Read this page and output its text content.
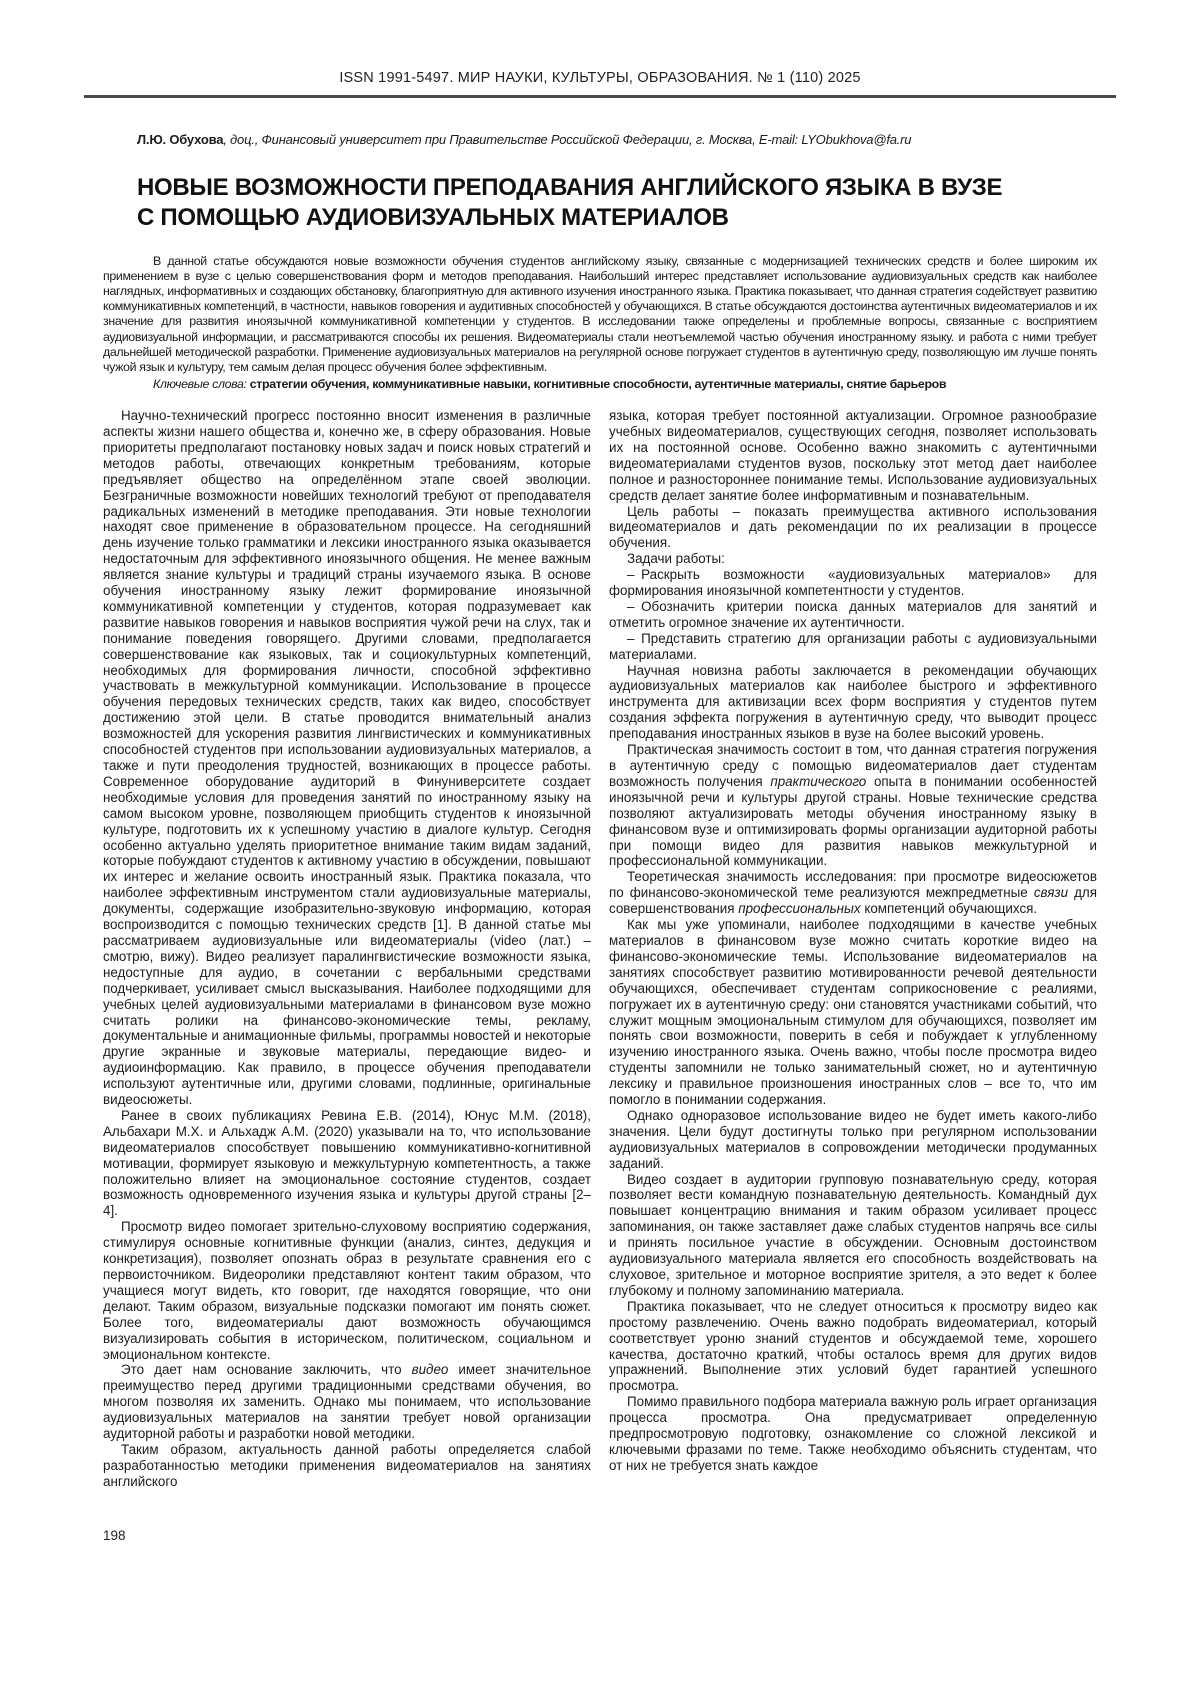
ISSN 1991-5497. МИР НАУКИ, КУЛЬТУРЫ, ОБРАЗОВАНИЯ. № 1 (110) 2025

Л.Ю. Обухова, доц., Финансовый университет при Правительстве Российской Федерации, г. Москва, E-mail: LYObukhova@fa.ru

НОВЫЕ ВОЗМОЖНОСТИ ПРЕПОДАВАНИЯ АНГЛИЙСКОГО ЯЗЫКА В ВУЗЕ
С ПОМОЩЬЮ АУДИОВИЗУАЛЬНЫХ МАТЕРИАЛОВ

В данной статье обсуждаются новые возможности обучения студентов английскому языку, связанные с модернизацией технических средств и более широким их применением в вузе с целью совершенствования форм и методов преподавания. Наибольший интерес представляет использование аудиовизуальных средств как наиболее наглядных, информативных и создающих обстановку, благоприятную для активного изучения иностранного языка. Практика показывает, что данная стратегия содействует развитию коммуникативных компетенций, в частности, навыков говорения и аудитивных способностей у обучающихся. В статье обсуждаются достоинства аутентичных видеоматериалов и их значение для развития иноязычной коммуникативной компетенции у студентов. В исследовании также определены и проблемные вопросы, связанные с восприятием аудиовизуальной информации, и рассматриваются способы их решения. Видеоматериалы стали неотъемлемой частью обучения иностранному языку. и работа с ними требует дальнейшей методической разработки. Применение аудиовизуальных материалов на регулярной основе погружает студентов в аутентичную среду, позволяющую им лучше понять чужой язык и культуру, тем самым делая процесс обучения более эффективным.

Ключевые слова: стратегии обучения, коммуникативные навыки, когнитивные способности, аутентичные материалы, снятие барьеров

Научно-технический прогресс постоянно вносит изменения в различные аспекты жизни нашего общества и, конечно же, в сферу образования. Новые приоритеты предполагают постановку новых задач и поиск новых стратегий и методов работы, отвечающих конкретным требованиям, которые предъявляет общество на определённом этапе своей эволюции. Безграничные возможности новейших технологий требуют от преподавателя радикальных изменений в методике преподавания. Эти новые технологии находят свое применение в образовательном процессе. На сегодняшний день изучение только грамматики и лексики иностранного языка оказывается недостаточным для эффективного иноязычного общения. Не менее важным является знание культуры и традиций страны изучаемого языка. В основе обучения иностранному языку лежит формирование иноязычной коммуникативной компетенции у студентов, которая подразумевает как развитие навыков говорения и навыков восприятия чужой речи на слух, так и понимание поведения говорящего. Другими словами, предполагается совершенствование как языковых, так и социокультурных компетенций, необходимых для формирования личности, способной эффективно участвовать в межкультурной коммуникации. Использование в процессе обучения передовых технических средств, таких как видео, способствует достижению этой цели. В статье проводится внимательный анализ возможностей для ускорения развития лингвистических и коммуникативных способностей студентов при использовании аудиовизуальных материалов, а также и пути преодоления трудностей, возникающих в процессе работы. Современное оборудование аудиторий в Финуниверситете создает необходимые условия для проведения занятий по иностранному языку на самом высоком уровне, позволяющем приобщить студентов к иноязычной культуре, подготовить их к успешному участию в диалоге культур. Сегодня особенно актуально уделять приоритетное внимание таким видам заданий, которые побуждают студентов к активному участию в обсуждении, повышают их интерес и желание освоить иностранный язык. Практика показала, что наиболее эффективным инструментом стали аудиовизуальные материалы, документы, содержащие изобразительно-звуковую информацию, которая воспроизводится с помощью технических средств [1]. В данной статье мы рассматриваем аудиовизуальные или видеоматериалы (video (лат.) – смотрю, вижу). Видео реализует паралингвистические возможности языка, недоступные для аудио, в сочетании с вербальными средствами подчеркивает, усиливает смысл высказывания. Наиболее подходящими для учебных целей аудиовизуальными материалами в финансовом вузе можно считать ролики на финансово-экономические темы, рекламу, документальные и анимационные фильмы, программы новостей и некоторые другие экранные и звуковые материалы, передающие видео- и аудиоинформацию. Как правило, в процессе обучения преподаватели используют аутентичные или, другими словами, подлинные, оригинальные видеосюжеты.

Ранее в своих публикациях Ревина Е.В. (2014), Юнус М.М. (2018), Альбахари М.Х. и Альхадж А.М. (2020) указывали на то, что использование видеоматериалов способствует повышению коммуникативно-когнитивной мотивации, формирует языковую и межкультурную компетентность, а также положительно влияет на эмоциональное состояние студентов, создает возможность одновременного изучения языка и культуры другой страны [2–4].

Просмотр видео помогает зрительно-слуховому восприятию содержания, стимулируя основные когнитивные функции (анализ, синтез, дедукция и конкретизация), позволяет опознать образ в результате сравнения его с первоисточником. Видеоролики представляют контент таким образом, что учащиеся могут видеть, кто говорит, где находятся говорящие, что они делают. Таким образом, визуальные подсказки помогают им понять сюжет. Более того, видеоматериалы дают возможность обучающимся визуализировать события в историческом, политическом, социальном и эмоциональном контексте.

Это дает нам основание заключить, что видео имеет значительное преимущество перед другими традиционными средствами обучения, во многом позволяя их заменить. Однако мы понимаем, что использование аудиовизуальных материалов на занятии требует новой организации аудиторной работы и разработки новой методики.

Таким образом, актуальность данной работы определяется слабой разработанностью методики применения видеоматериалов на занятиях английского

языка, которая требует постоянной актуализации. Огромное разнообразие учебных видеоматериалов, существующих сегодня, позволяет использовать их на постоянной основе. Особенно важно знакомить с аутентичными видеоматериалами студентов вузов, поскольку этот метод дает наиболее полное и разностороннее понимание темы. Использование аудиовизуальных средств делает занятие более информативным и познавательным.

Цель работы – показать преимущества активного использования видеоматериалов и дать рекомендации по их реализации в процессе обучения.

Задачи работы:

– Раскрыть возможности «аудиовизуальных материалов» для формирования иноязычной компетентности у студентов.

– Обозначить критерии поиска данных материалов для занятий и отметить огромное значение их аутентичности.

– Представить стратегию для организации работы с аудиовизуальными материалами.

Научная новизна работы заключается в рекомендации обучающих аудиовизуальных материалов как наиболее быстрого и эффективного инструмента для активизации всех форм восприятия у студентов путем создания эффекта погружения в аутентичную среду, что выводит процесс преподавания иностранных языков в вузе на более высокий уровень.

Практическая значимость состоит в том, что данная стратегия погружения в аутентичную среду с помощью видеоматериалов дает студентам возможность получения практического опыта в понимании особенностей иноязычной речи и культуры другой страны. Новые технические средства позволяют актуализировать методы обучения иностранному языку в финансовом вузе и оптимизировать формы организации аудиторной работы при помощи видео для развития навыков межкультурной и профессиональной коммуникации.

Теоретическая значимость исследования: при просмотре видеосюжетов по финансово-экономической теме реализуются межпредметные связи для совершенствования профессиональных компетенций обучающихся.

Как мы уже упоминали, наиболее подходящими в качестве учебных материалов в финансовом вузе можно считать короткие видео на финансово-экономические темы. Использование видеоматериалов на занятиях способствует развитию мотивированности речевой деятельности обучающихся, обеспечивает студентам соприкосновение с реалиями, погружает их в аутентичную среду: они становятся участниками событий, что служит мощным эмоциональным стимулом для обучающихся, позволяет им понять свои возможности, поверить в себя и побуждает к углубленному изучению иностранного языка. Очень важно, чтобы после просмотра видео студенты запомнили не только занимательный сюжет, но и аутентичную лексику и правильное произношения иностранных слов – все то, что им помогло в понимании содержания.

Однако одноразовое использование видео не будет иметь какого-либо значения. Цели будут достигнуты только при регулярном использовании аудиовизуальных материалов в сопровождении методически продуманных заданий.

Видео создает в аудитории групповую познавательную среду, которая позволяет вести командную познавательную деятельность. Командный дух повышает концентрацию внимания и таким образом усиливает процесс запоминания, он также заставляет даже слабых студентов напрячь все силы и принять посильное участие в обсуждении. Основным достоинством аудиовизуального материала является его способность воздействовать на слуховое, зрительное и моторное восприятие зрителя, а это ведет к более глубокому и полному запоминанию материала.

Практика показывает, что не следует относиться к просмотру видео как простому развлечению. Очень важно подобрать видеоматериал, который соответствует уроню знаний студентов и обсуждаемой теме, хорошего качества, достаточно краткий, чтобы осталось время для других видов упражнений. Выполнение этих условий будет гарантией успешного просмотра.

Помимо правильного подбора материала важную роль играет организация процесса просмотра. Она предусматривает определенную предпросмотровую подготовку, ознакомление со сложной лексикой и ключевыми фразами по теме. Также необходимо объяснить студентам, что от них не требуется знать каждое

198
